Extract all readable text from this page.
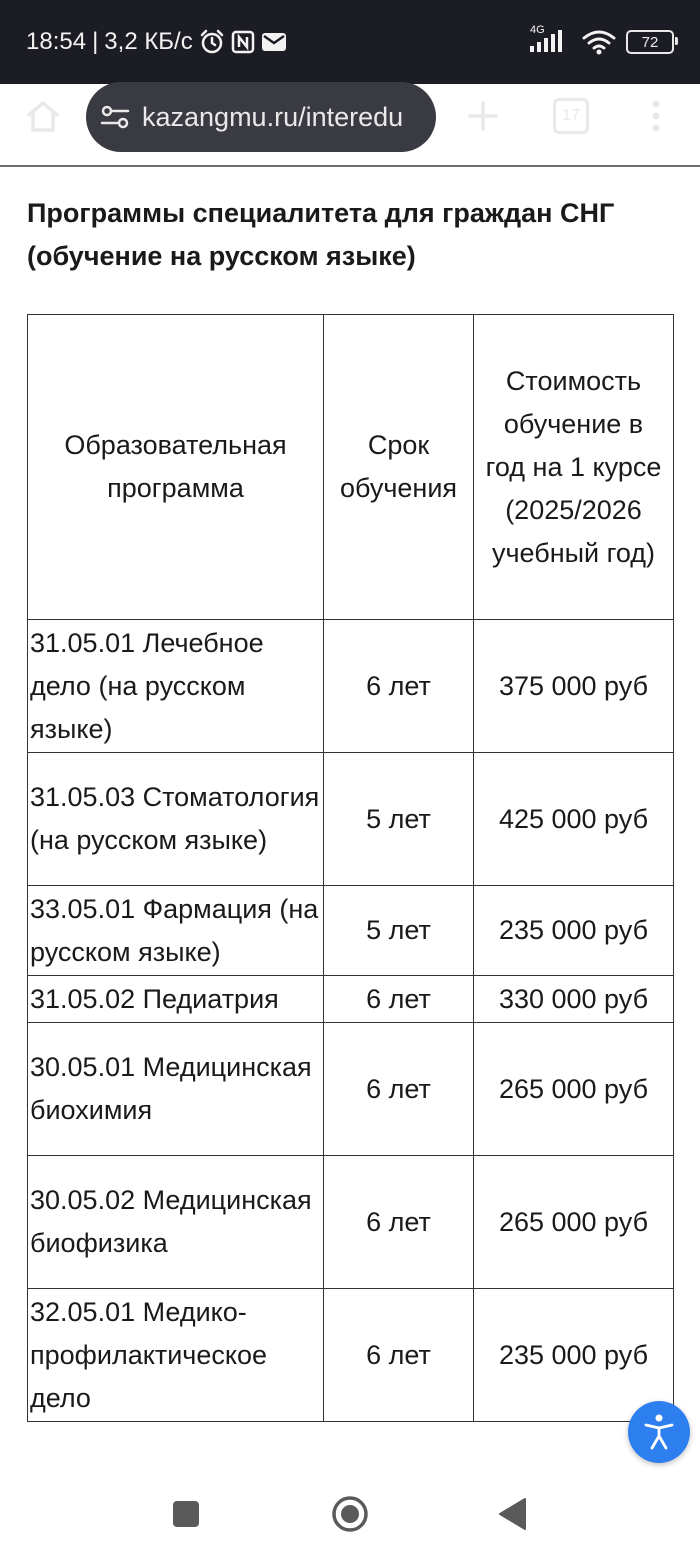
18:54 | 3,2 КБ/с	4G
72
kazangmu.ru/interedu	17
Программы специалитета для граждан СНГ (обучение на русском языке)
Образовательная программа	Срок обучения	Стоимость обучение в год на 1 курсе (2025/2026 учебный год)
31.05.01 Лечебное дело (на русском языке)	6 лет	375 000 руб
31.05.03 Стоматология (на русском языке)	5 лет	425 000 руб
33.05.01 Фармация (на русском языке)	5 лет	235 000 руб
31.05.02 Педиатрия	6 лет	330 000 руб
30.05.01 Медицинская биохимия	6 лет	265 000 руб
30.05.02 Медицинская биофизика	6 лет	265 000 руб
32.05.01 Медико-профилактическое дело	6 лет	235 000 руб
